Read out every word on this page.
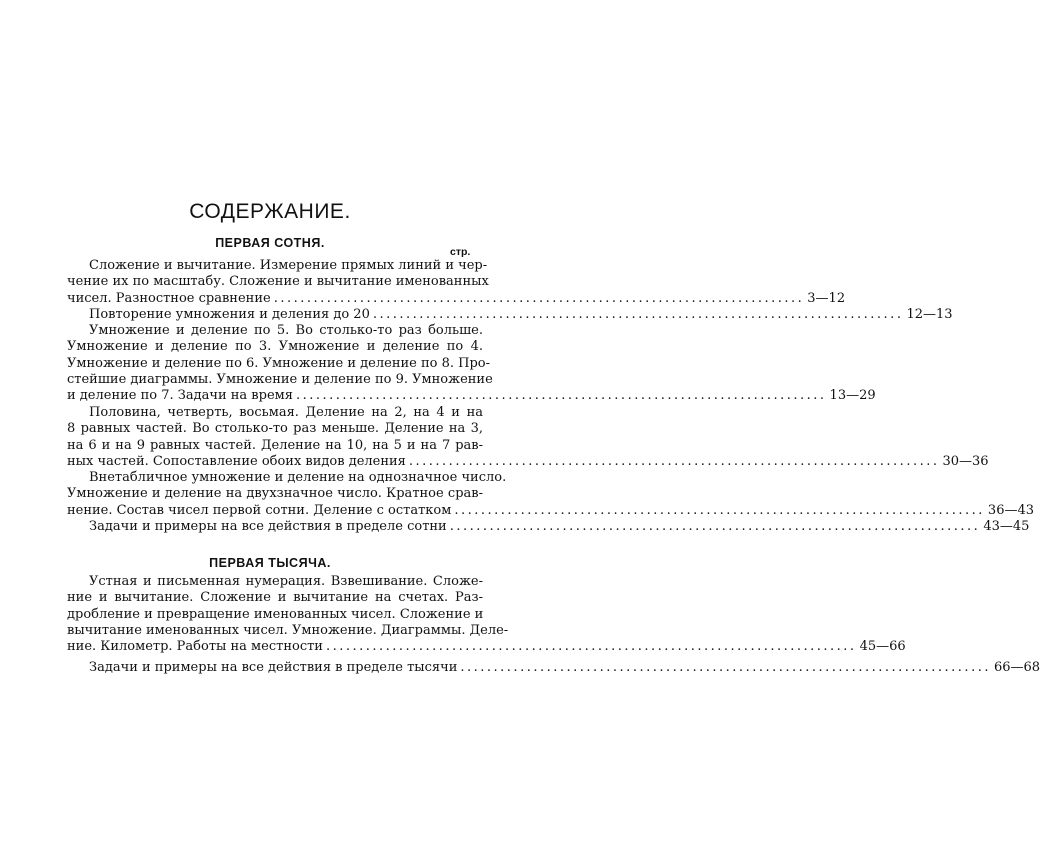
СОДЕРЖАНИЕ.
ПЕРВАЯ СОТНЯ.
стр.
Сложение и вычитание. Измерение прямых линий и чер-
чение их по масштабу. Сложение и вычитание именованных
чисел. Разностное сравнение ................................................................................ 3—12
Повторение умножения и деления до 20 ................................................................................ 12—13
Умножение и деление по 5. Во столько-то раз больше.
Умножение и деление по 3. Умножение и деление по 4.
Умножение и деление по 6. Умножение и деление по 8. Про-
стейшие диаграммы. Умножение и деление по 9. Умножение
и деление по 7. Задачи на время ................................................................................ 13—29
Половина, четверть, восьмая. Деление на 2, на 4 и на
8 равных частей. Во столько-то раз меньше. Деление на 3,
на 6 и на 9 равных частей. Деление на 10, на 5 и на 7 рав-
ных частей. Сопоставление обоих видов деления ................................................................................ 30—36
Внетабличное умножение и деление на однозначное число.
Умножение и деление на двухзначное число. Кратное срав-
нение. Состав чисел первой сотни. Деление с остатком ................................................................................ 36—43
Задачи и примеры на все действия в пределе сотни ................................................................................ 43—45
ПЕРВАЯ ТЫСЯЧА.
Устная и письменная нумерация. Взвешивание. Сложе-
ние и вычитание. Сложение и вычитание на счетах. Раз-
дробление и превращение именованных чисел. Сложение и
вычитание именованных чисел. Умножение. Диаграммы. Деле-
ние. Километр. Работы на местности ................................................................................ 45—66
Задачи и примеры на все действия в пределе тысячи ................................................................................ 66—68
